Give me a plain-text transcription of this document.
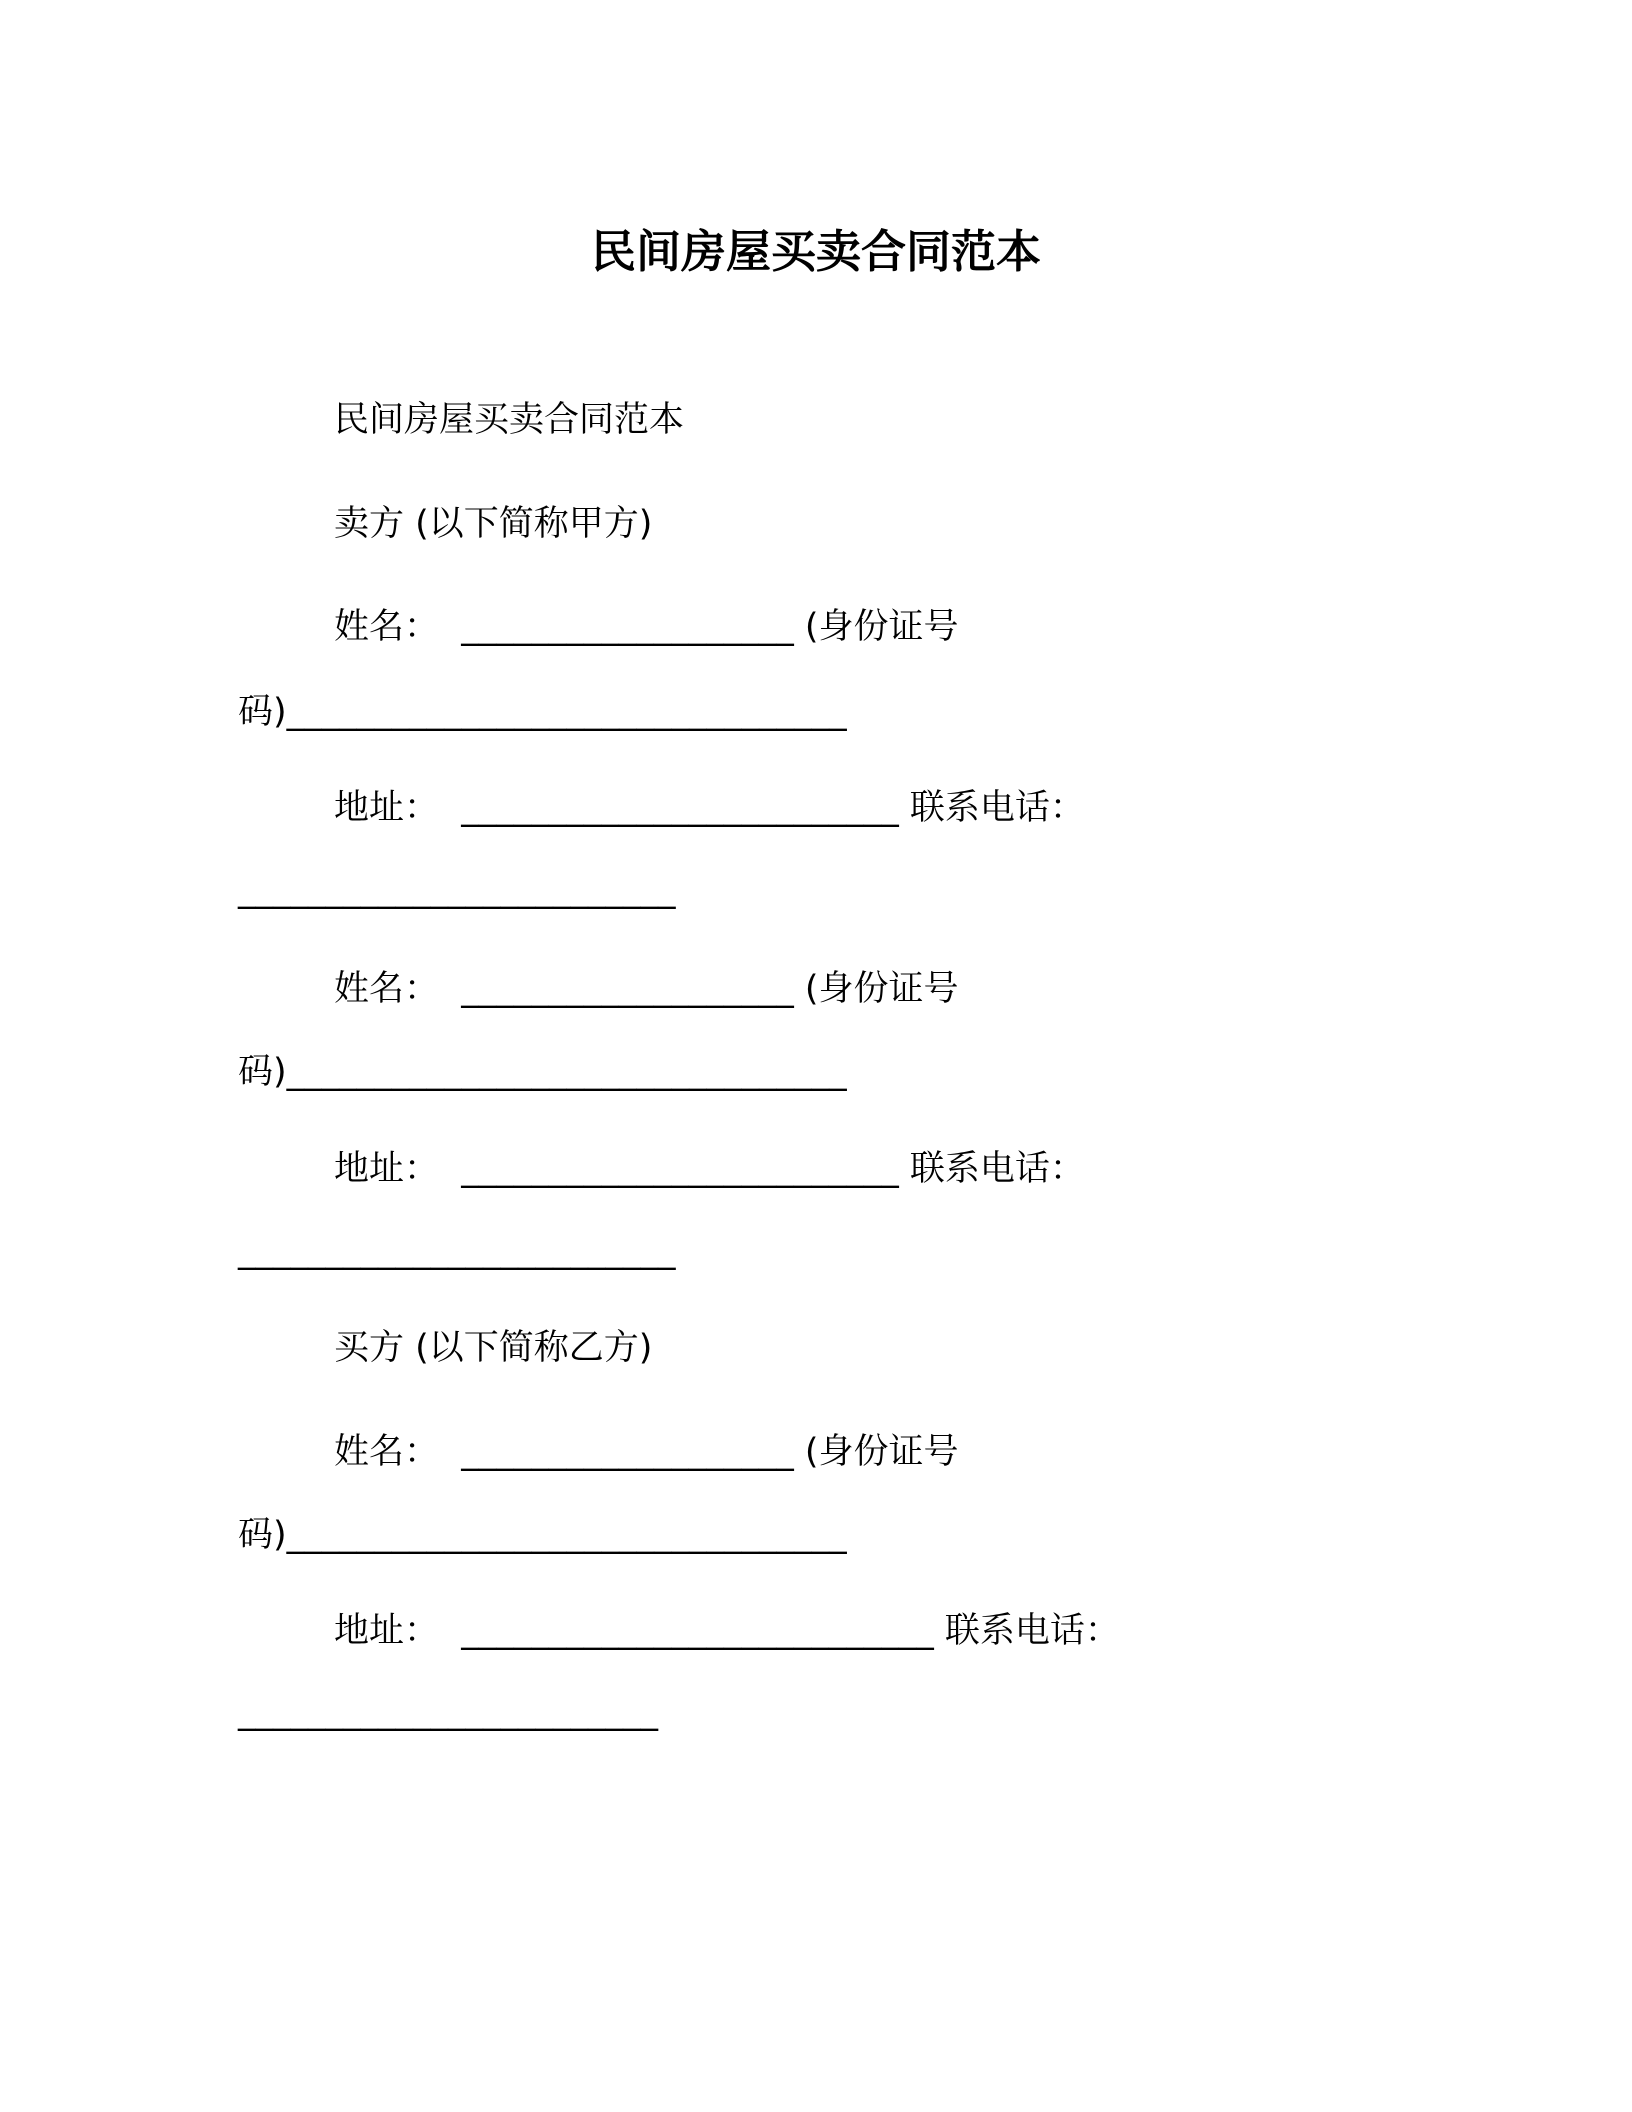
民间房屋买卖合同范本
民间房屋买卖合同范本
卖方 (以下简称甲方)
姓名：  ___________________ (身份证号
码)________________________________
地址：  _________________________ 联系电话：
_________________________
姓名：  ___________________ (身份证号
码)________________________________
地址：  _________________________ 联系电话：
_________________________
买方 (以下简称乙方)
姓名：  ___________________ (身份证号
码)________________________________
地址：  ___________________________ 联系电话：
________________________
